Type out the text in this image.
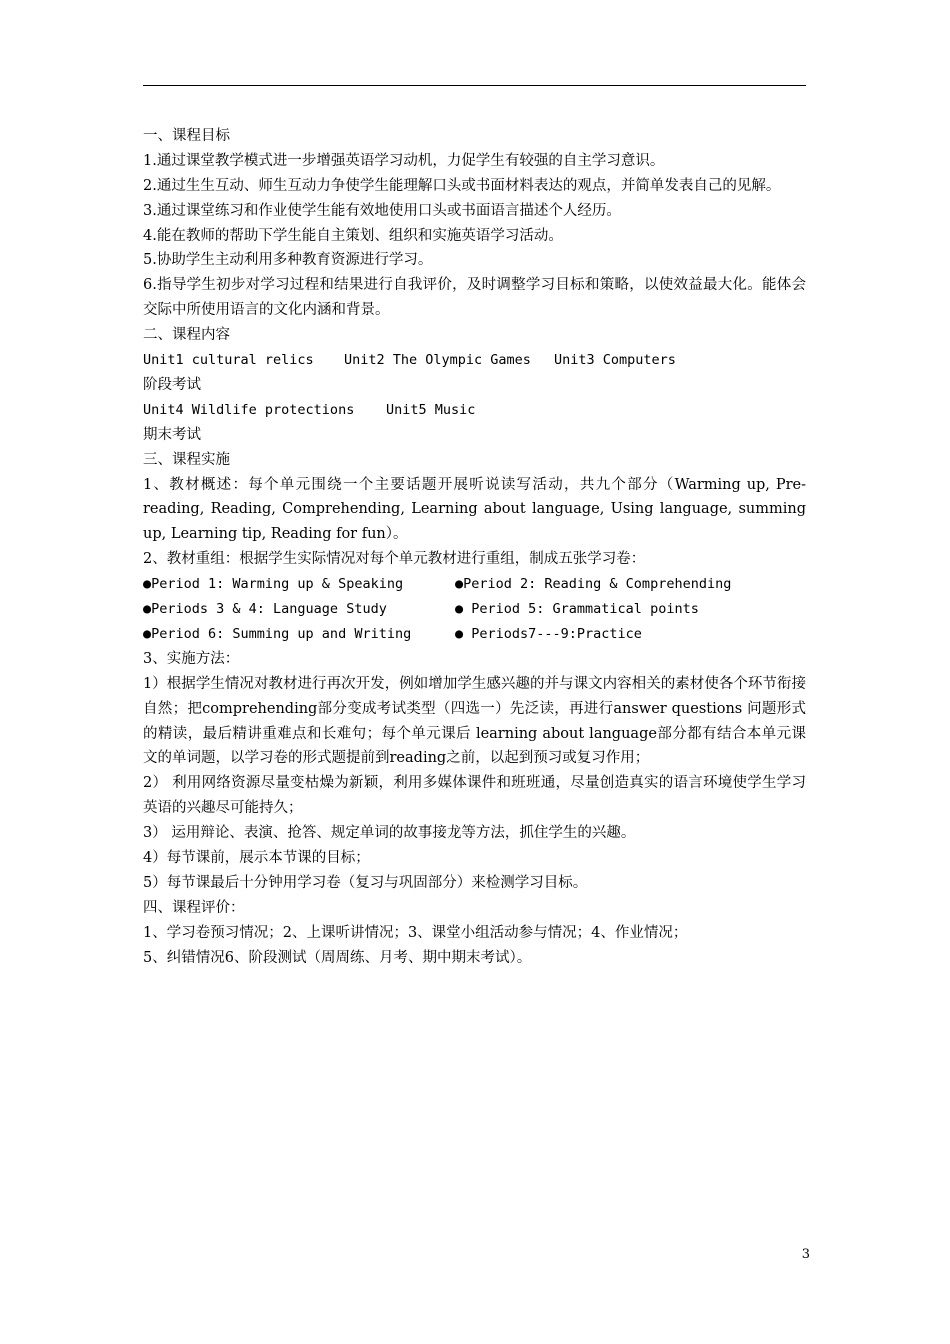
一、课程目标
1.通过课堂教学模式进一步增强英语学习动机，力促学生有较强的自主学习意识。
2.通过生生互动、师生互动力争使学生能理解口头或书面材料表达的观点，并简单发表自己的见解。
3.通过课堂练习和作业使学生能有效地使用口头或书面语言描述个人经历。
4.能在教师的帮助下学生能自主策划、组织和实施英语学习活动。
5.协助学生主动利用多种教育资源进行学习。
6.指导学生初步对学习过程和结果进行自我评价，及时调整学习目标和策略，以使效益最大化。能体会交际中所使用语言的文化内涵和背景。
二、课程内容
Unit1 cultural relics Unit2 The Olympic Games Unit3 Computers
阶段考试
Unit4 Wildlife protections Unit5 Music
期末考试
三、课程实施
1、教材概述：每个单元围绕一个主要话题开展听说读写活动，共九个部分（Warming up, Pre-reading, Reading, Comprehending, Learning about language, Using language, summing up, Learning tip, Reading for fun）。
2、教材重组：根据学生实际情况对每个单元教材进行重组，制成五张学习卷：
●Period 1: Warming up & Speaking	●Period 2: Reading & Comprehending
●Periods 3 & 4: Language Study	● Period 5: Grammatical points
●Period 6: Summing up and Writing	● Periods7---9:Practice
3、实施方法：
1）根据学生情况对教材进行再次开发，例如增加学生感兴趣的并与课文内容相关的素材使各个环节衔接自然；把comprehending部分变成考试类型（四选一）先泛读，再进行answer questions 问题形式的精读，最后精讲重难点和长难句；每个单元课后 learning about language部分都有结合本单元课文的单词题，以学习卷的形式题提前到reading之前，以起到预习或复习作用；
2） 利用网络资源尽量变枯燥为新颖，利用多媒体课件和班班通，尽量创造真实的语言环境使学生学习英语的兴趣尽可能持久；
3） 运用辩论、表演、抢答、规定单词的故事接龙等方法，抓住学生的兴趣。
4）每节课前，展示本节课的目标；
5）每节课最后十分钟用学习卷（复习与巩固部分）来检测学习目标。
四、课程评价：
1、学习卷预习情况；2、上课听讲情况；3、课堂小组活动参与情况；4、作业情况；
5、纠错情况6、阶段测试（周周练、月考、期中期末考试）。
3
